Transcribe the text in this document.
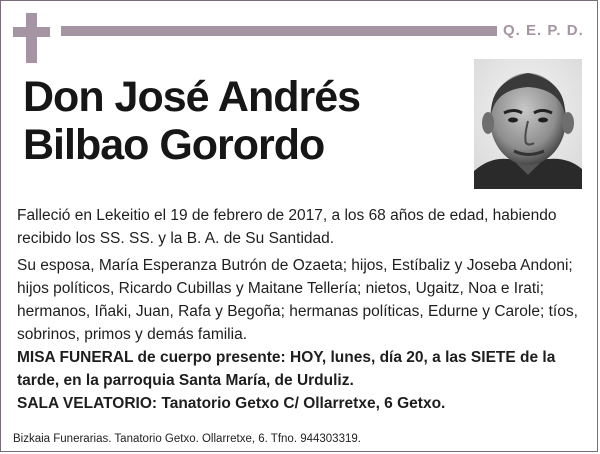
Q. E. P. D.
Don José Andrés
Bilbao Gorordo

Falleció en Lekeitio el 19 de febrero de 2017, a los 68 años de edad, habiendo recibido los SS. SS. y la B. A. de Su Santidad.

Su esposa, María Esperanza Butrón de Ozaeta; hijos, Estíbaliz y Joseba Andoni; hijos políticos, Ricardo Cubillas y Maitane Tellería; nietos, Ugaitz, Noa e Irati; hermanos, Iñaki, Juan, Rafa y Begoña; hermanas políticas, Edurne y Carole; tíos, sobrinos, primos y demás familia.

MISA FUNERAL de cuerpo presente: HOY, lunes, día 20, a las SIETE de la tarde, en la parroquia Santa María, de Urduliz.

SALA VELATORIO: Tanatorio Getxo C/ Ollarretxe, 6 Getxo.

Bizkaia Funerarias. Tanatorio Getxo. Ollarretxe, 6. Tfno. 944303319.
